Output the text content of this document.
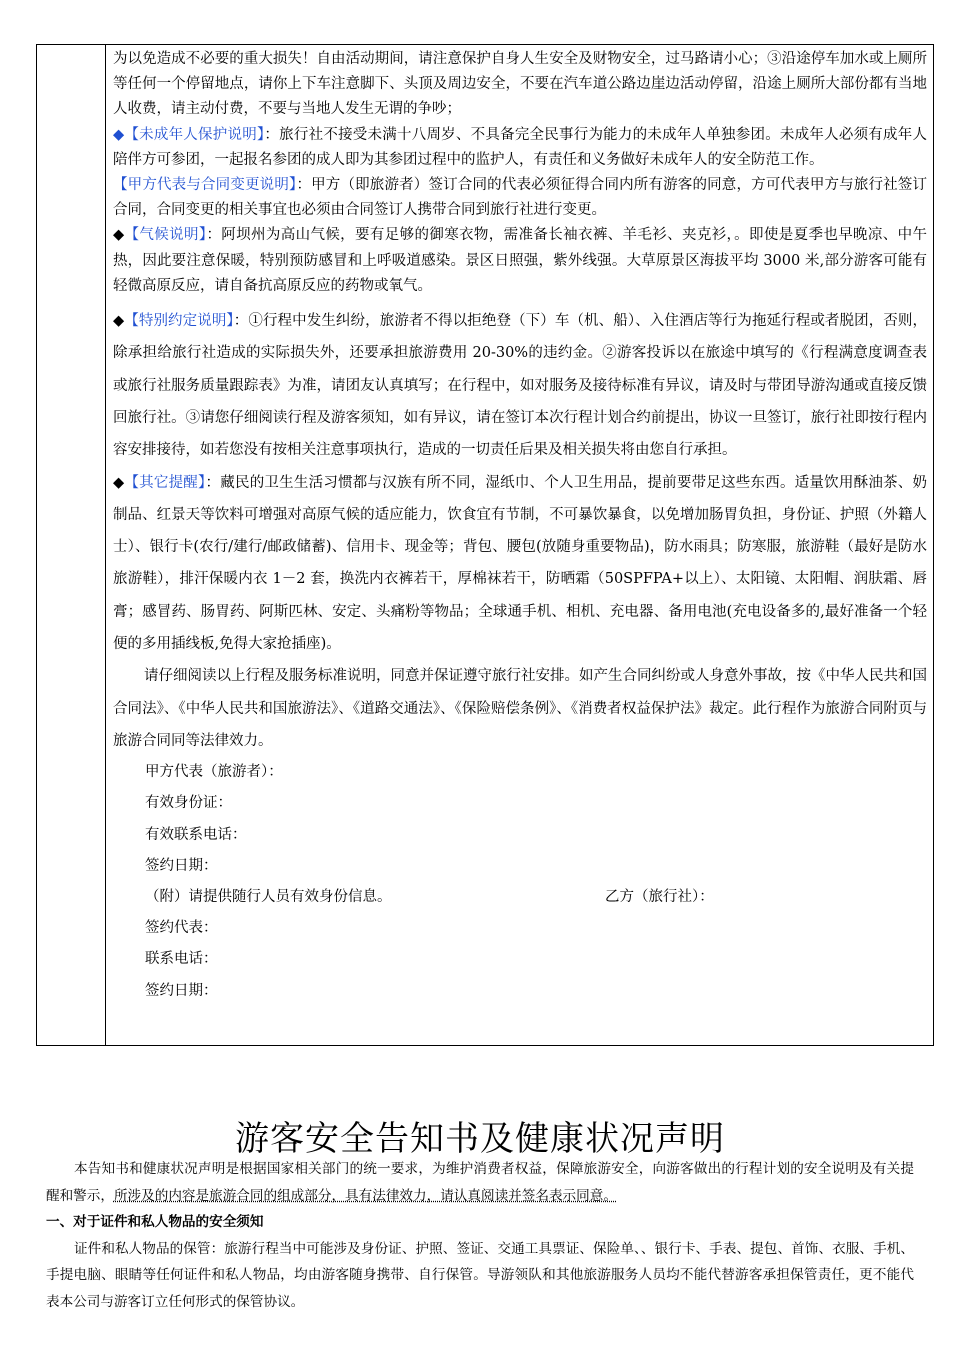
为以免造成不必要的重大损失！自由活动期间，请注意保护自身人生安全及财物安全，过马路请小心；③沿途停车加水或上厕所等任何一个停留地点，请你上下车注意脚下、头顶及周边安全，不要在汽车道公路边崖边活动停留，沿途上厕所大部份都有当地人收费，请主动付费，不要与当地人发生无谓的争吵；

◆【未成年人保护说明】：旅行社不接受未满十八周岁、不具备完全民事行为能力的未成年人单独参团。未成年人必须有成年人陪伴方可参团，一起报名参团的成人即为其参团过程中的监护人，有责任和义务做好未成年人的安全防范工作。

【甲方代表与合同变更说明】：甲方（即旅游者）签订合同的代表必须征得合同内所有游客的同意，方可代表甲方与旅行社签订合同，合同变更的相关事宜也必须由合同签订人携带合同到旅行社进行变更。

◆【气候说明】：阿坝州为高山气候，要有足够的御寒衣物，需准备长袖衣裤、羊毛衫、夹克衫，。即使是夏季也早晚凉、中午热，因此要注意保暖，特别预防感冒和上呼吸道感染。景区日照强，紫外线强。大草原景区海拔平均 3000 米,部分游客可能有轻微高原反应，请自备抗高原反应的药物或氧气。

◆【特别约定说明】：①行程中发生纠纷，旅游者不得以拒绝登（下）车（机、船）、入住酒店等行为拖延行程或者脱团，否则，除承担给旅行社造成的实际损失外，还要承担旅游费用 20-30%的违约金。②游客投诉以在旅途中填写的《行程满意度调查表或旅行社服务质量跟踪表》为准，请团友认真填写；在行程中，如对服务及接待标准有异议，请及时与带团导游沟通或直接反馈回旅行社。③请您仔细阅读行程及游客须知，如有异议，请在签订本次行程计划合约前提出，协议一旦签订，旅行社即按行程内容安排接待，如若您没有按相关注意事项执行，造成的一切责任后果及相关损失将由您自行承担。

◆【其它提醒】：藏民的卫生生活习惯都与汉族有所不同，湿纸巾、个人卫生用品，提前要带足这些东西。适量饮用酥油茶、奶制品、红景天等饮料可增强对高原气候的适应能力，饮食宜有节制，不可暴饮暴食，以免增加肠胃负担，身份证、护照（外籍人士）、银行卡(农行/建行/邮政储蓄)、信用卡、现金等；背包、腰包(放随身重要物品)，防水雨具；防寒服，旅游鞋（最好是防水旅游鞋），排汗保暖内衣 1－2 套，换洗内衣裤若干，厚棉袜若干，防晒霜（50SPFPA+以上）、太阳镜、太阳帽、润肤霜、唇膏；感冒药、肠胃药、阿斯匹林、安定、头痛粉等物品；全球通手机、相机、充电器、备用电池(充电设备多的,最好准备一个轻便的多用插线板,免得大家抢插座)。

请仔细阅读以上行程及服务标准说明，同意并保证遵守旅行社安排。如产生合同纠纷或人身意外事故，按《中华人民共和国合同法》、《中华人民共和国旅游法》、《道路交通法》、《保险赔偿条例》、《消费者权益保护法》裁定。此行程作为旅游合同附页与旅游合同同等法律效力。

甲方代表（旅游者）：

有效身份证：

有效联系电话：

签约日期：

（附）请提供随行人员有效身份信息。	乙方（旅行社）：

签约代表：

联系电话：

签约日期：

游客安全告知书及健康状况声明

本告知书和健康状况声明是根据国家相关部门的统一要求，为维护消费者权益，保障旅游安全，向游客做出的行程计划的安全说明及有关提醒和警示，所涉及的内容是旅游合同的组成部分，具有法律效力，请认真阅读并签名表示同意。

一、对于证件和私人物品的安全须知

证件和私人物品的保管：旅游行程当中可能涉及身份证、护照、签证、交通工具票证、保险单、、银行卡、手表、提包、首饰、衣服、手机、手提电脑、眼睛等任何证件和私人物品，均由游客随身携带、自行保管。导游领队和其他旅游服务人员均不能代替游客承担保管责任，更不能代表本公司与游客订立任何形式的保管协议。
